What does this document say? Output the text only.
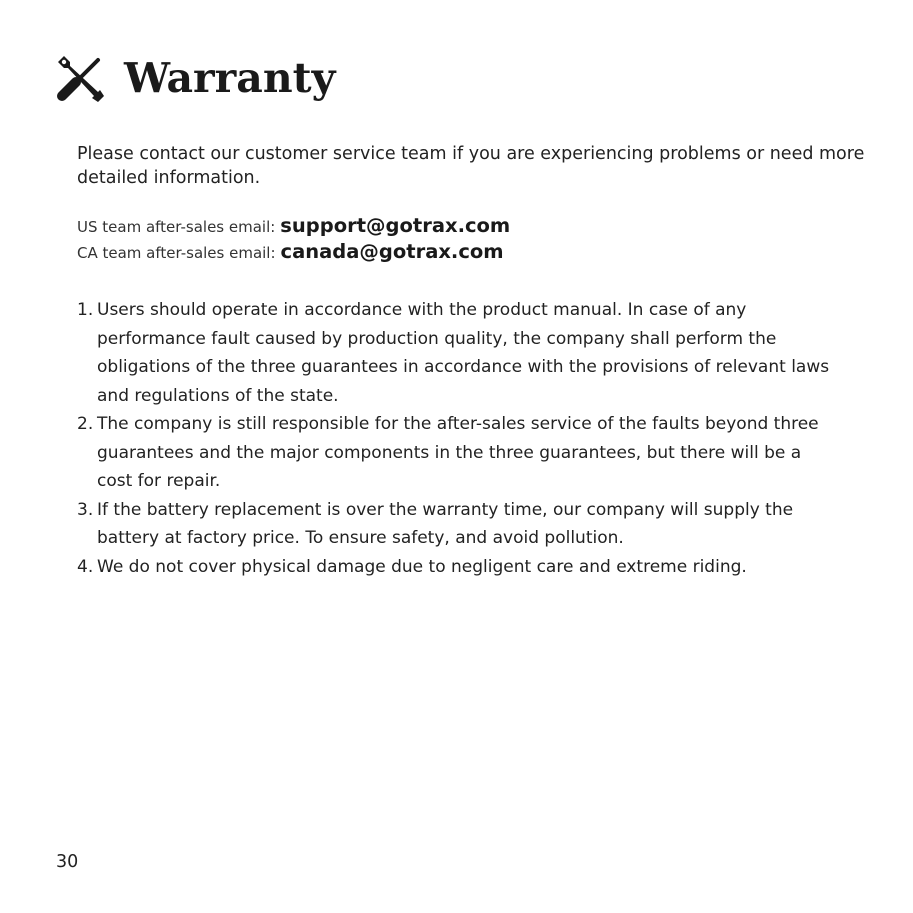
Warranty

Please contact our customer service team if you are experiencing problems or need more detailed information.

US team after-sales email: support@gotrax.com
CA team after-sales email: canada@gotrax.com
1. Users should operate in accordance with the product manual. In case of any performance fault caused by production quality, the company shall perform the obligations of the three guarantees in accordance with the provisions of relevant laws and regulations of the state.
2. The company is still responsible for the after-sales service of the faults beyond three guarantees and the major components in the three guarantees, but there will be a cost for repair.
3. If the battery replacement is over the warranty time, our company will supply the battery at factory price. To ensure safety, and avoid pollution.
4. We do not cover physical damage due to negligent care and extreme riding.
30
